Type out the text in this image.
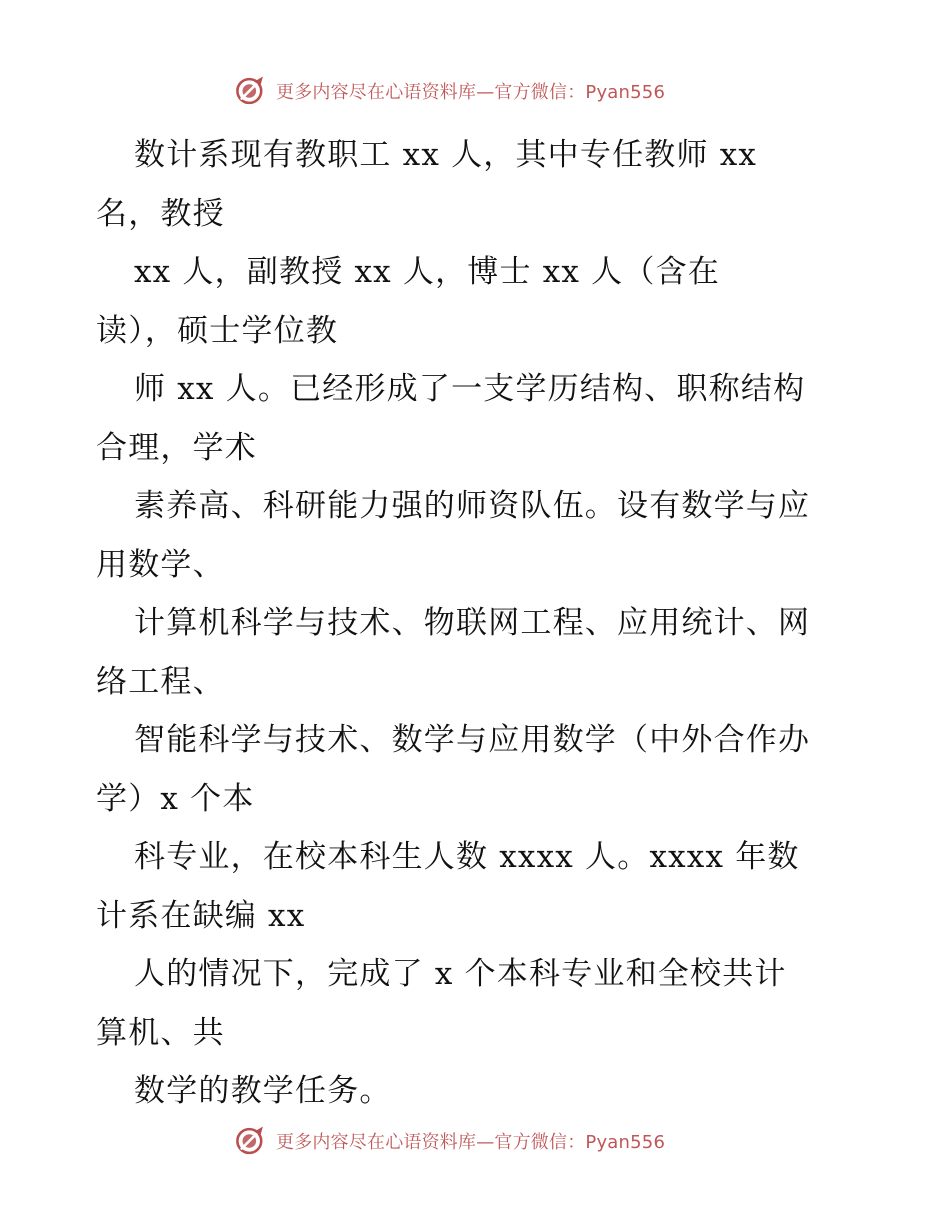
更多内容尽在心语资料库—官方微信：Pyan556
数计系现有教职工 xx 人，其中专任教师 xx
名，教授
xx 人，副教授 xx 人，博士 xx 人（含在
读），硕士学位教
师 xx 人。已经形成了一支学历结构、职称结构
合理，学术
素养高、科研能力强的师资队伍。设有数学与应
用数学、
计算机科学与技术、物联网工程、应用统计、网
络工程、
智能科学与技术、数学与应用数学（中外合作办
学）x 个本
科专业，在校本科生人数 xxxx 人。xxxx 年数
计系在缺编 xx
人的情况下，完成了 x 个本科专业和全校共计
算机、共
数学的教学任务。
更多内容尽在心语资料库—官方微信：Pyan556
